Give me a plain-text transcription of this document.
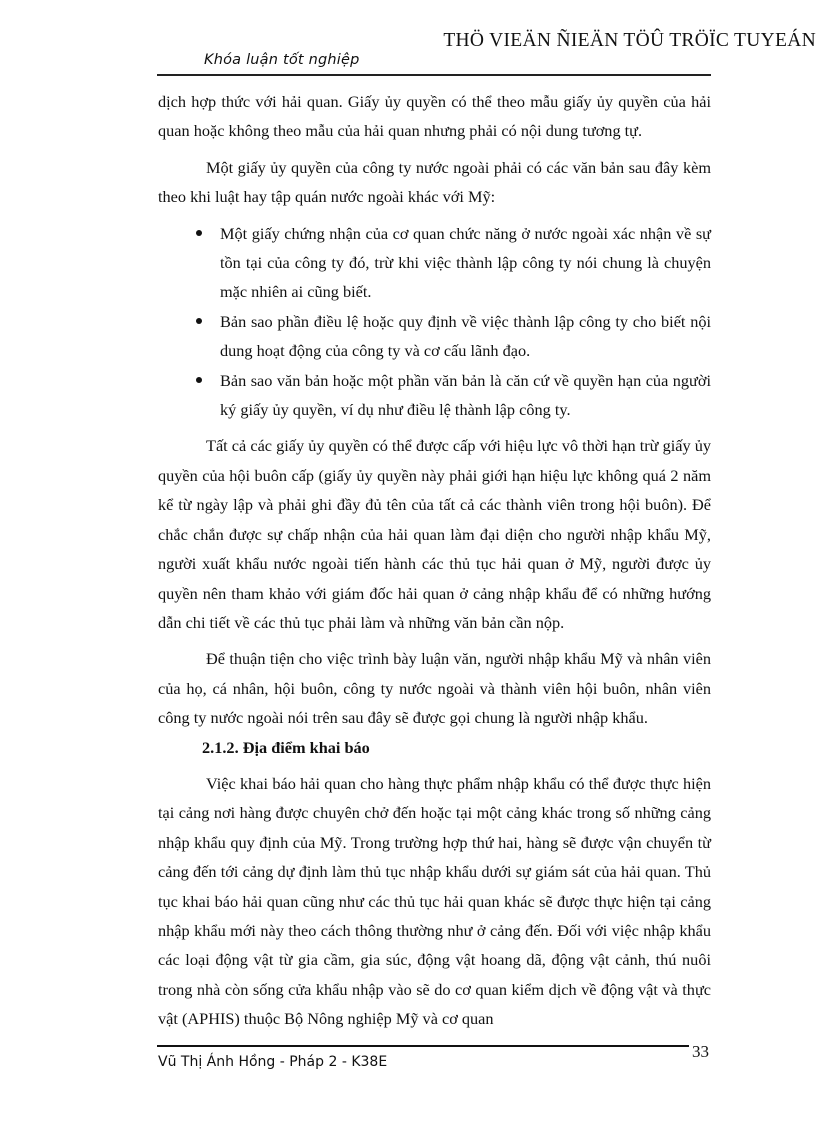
Khóa luận tốt nghiệp
THÖ VIEÄN ÑIEÄN TÖÛ TRÖÏC TUYEÁN

dịch hợp thức với hải quan. Giấy ủy quyền có thể theo mẫu giấy ủy quyền của hải quan hoặc không theo mẫu của hải quan nhưng phải có nội dung tương tự.

Một giấy ủy quyền của công ty nước ngoài phải có các văn bản sau đây kèm theo khi luật hay tập quán nước ngoài khác với Mỹ:

Một giấy chứng nhận của cơ quan chức năng ở nước ngoài xác nhận về sự tồn tại của công ty đó, trừ khi việc thành lập công ty nói chung là chuyện mặc nhiên ai cũng biết.
Bản sao phần điều lệ hoặc quy định về việc thành lập công ty cho biết nội dung hoạt động của công ty và cơ cấu lãnh đạo.
Bản sao văn bản hoặc một phần văn bản là căn cứ về quyền hạn của người ký giấy ủy quyền, ví dụ như điều lệ thành lập công ty.

Tất cả các giấy ủy quyền có thể được cấp với hiệu lực vô thời hạn trừ giấy ủy quyền của hội buôn cấp (giấy ủy quyền này phải giới hạn hiệu lực không quá 2 năm kể từ ngày lập và phải ghi đầy đủ tên của tất cả các thành viên trong hội buôn). Để chắc chắn được sự chấp nhận của hải quan làm đại diện cho người nhập khẩu Mỹ, người xuất khẩu nước ngoài tiến hành các thủ tục hải quan ở Mỹ, người được ủy quyền nên tham khảo với giám đốc hải quan ở cảng nhập khẩu để có những hướng dẫn chi tiết về các thủ tục phải làm và những văn bản cần nộp.

Để thuận tiện cho việc trình bày luận văn, người nhập khẩu Mỹ và nhân viên của họ, cá nhân, hội buôn, công ty nước ngoài và thành viên hội buôn, nhân viên công ty nước ngoài nói trên sau đây sẽ được gọi chung là người nhập khẩu.

2.1.2. Địa điểm khai báo

Việc khai báo hải quan cho hàng thực phẩm nhập khẩu có thể được thực hiện tại cảng nơi hàng được chuyên chở đến hoặc tại một cảng khác trong số những cảng nhập khẩu quy định của Mỹ. Trong trường hợp thứ hai, hàng sẽ được vận chuyển từ cảng đến tới cảng dự định làm thủ tục nhập khẩu dưới sự giám sát của hải quan. Thủ tục khai báo hải quan cũng như các thủ tục hải quan khác sẽ được thực hiện tại cảng nhập khẩu mới này theo cách thông thường như ở cảng đến. Đối với việc nhập khẩu các loại động vật từ gia cầm, gia súc, động vật hoang dã, động vật cảnh, thú nuôi trong nhà còn sống cửa khẩu nhập vào sẽ do cơ quan kiểm dịch về động vật và thực vật (APHIS) thuộc Bộ Nông nghiệp Mỹ và cơ quan

Vũ Thị Ánh Hồng - Pháp 2 - K38E
33
